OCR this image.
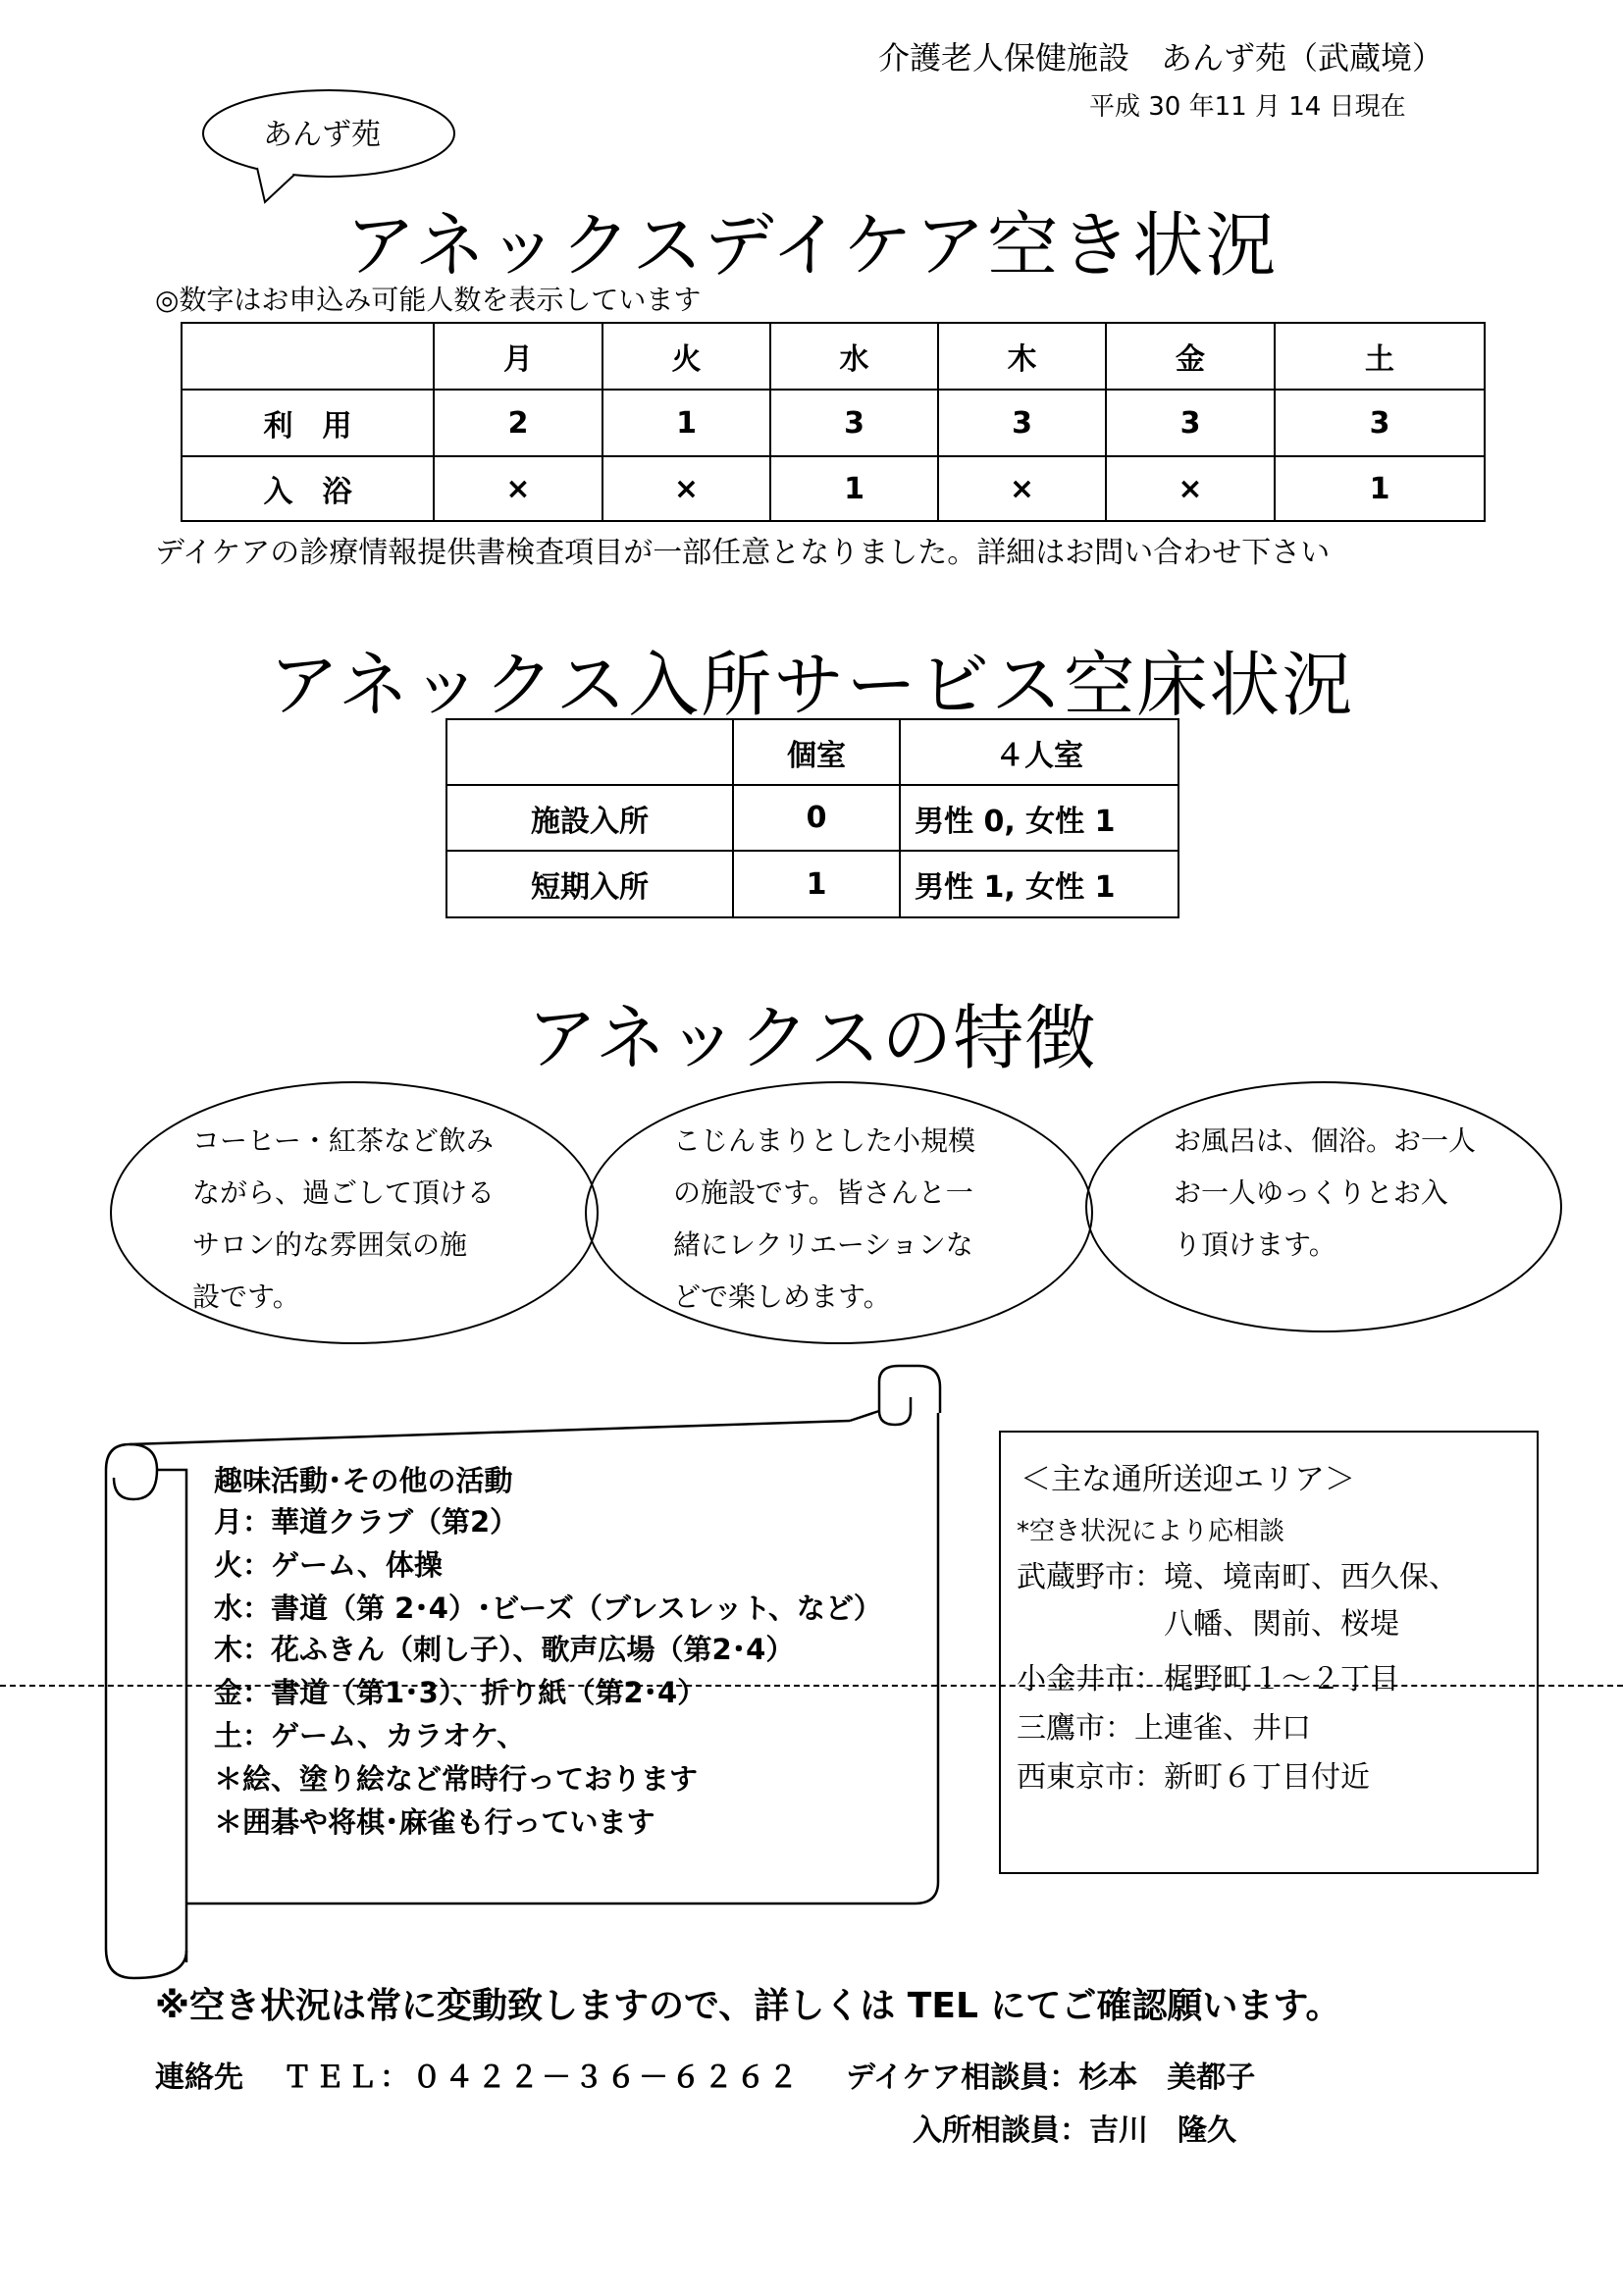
介護老人保健施設　あんず苑（武蔵境）
平成 30 年11 月 14 日現在
あんず苑
アネックスデイケア空き状況
◎数字はお申込み可能人数を表示しています
	月	火	水	木	金	土
利　用	2	1	3	3	3	3
入　浴	×	×	1	×	×	1
デイケアの診療情報提供書検査項目が一部任意となりました。詳細はお問い合わせ下さい
アネックス入所サービス空床状況
	個室	４人室
施設入所	0	男性 0, 女性 1
短期入所	1	男性 1, 女性 1
アネックスの特徴
コーヒー・紅茶など飲み
ながら、過ごして頂ける
サロン的な雰囲気の施
設です。
こじんまりとした小規模
の施設です。皆さんと一
緒にレクリエーションな
どで楽しめます。
お風呂は、個浴。お一人
お一人ゆっくりとお入
り頂けます。
趣味活動･その他の活動
月：華道クラブ（第2）
火：ゲーム、体操
水：書道（第 2･4）･ビーズ（ブレスレット、など）
木：花ふきん（刺し子）、歌声広場（第2･4）
金：書道（第1･3）、折り紙（第2･4）
土：ゲーム、カラオケ、
＊絵、塗り絵など常時行っております
＊囲碁や将棋･麻雀も行っています
＜主な通所送迎エリア＞
*空き状況により応相談
武蔵野市：境、境南町、西久保、
　　　　　八幡、関前、桜堤
小金井市：梶野町１～２丁目
三鷹市：上連雀、井口
西東京市：新町６丁目付近
※空き状況は常に変動致しますので、詳しくは TEL にてご確認願います。
連絡先 ＴＥＬ：０４２２－３６－６２６２ デイケア相談員：杉本　美都子
入所相談員：吉川　隆久
